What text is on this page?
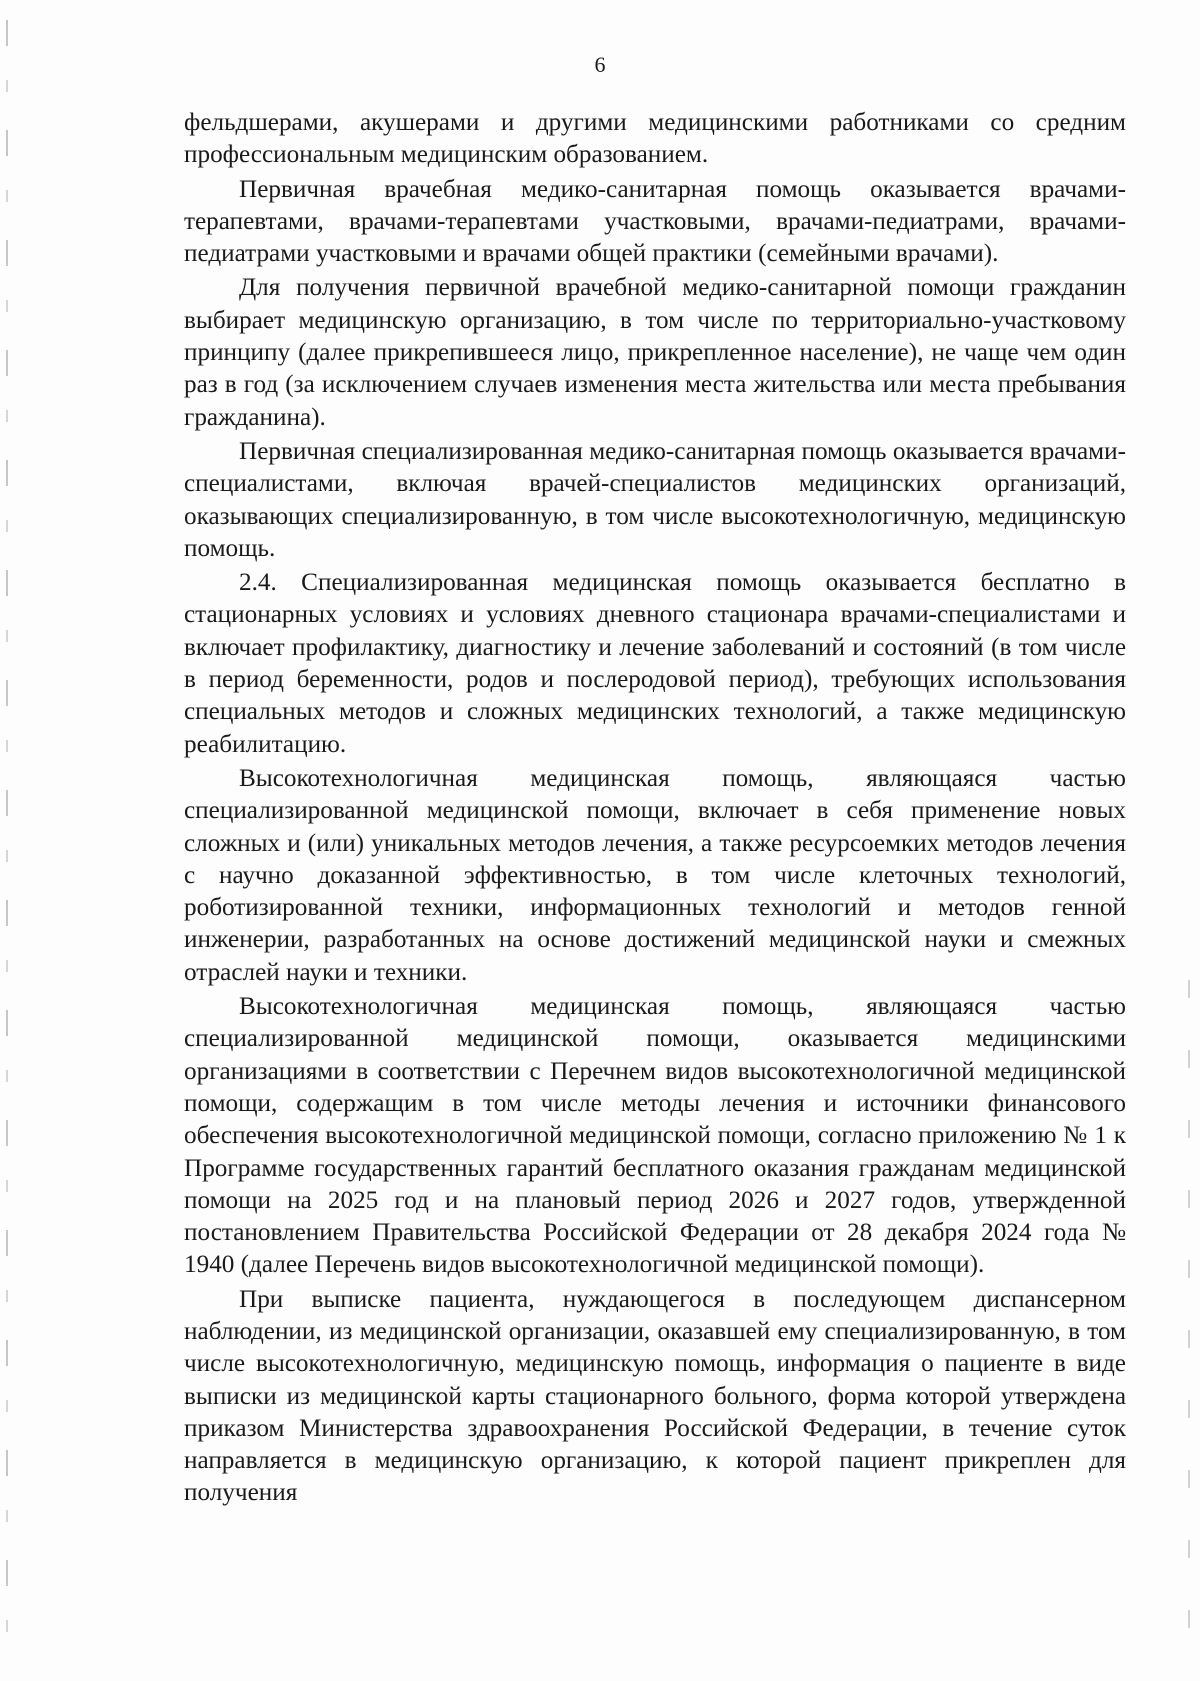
6

фельдшерами, акушерами и другими медицинскими работниками со средним профессиональным медицинским образованием.

Первичная врачебная медико-санитарная помощь оказывается врачами-терапевтами, врачами-терапевтами участковыми, врачами-педиатрами, врачами-педиатрами участковыми и врачами общей практики (семейными врачами).

Для получения первичной врачебной медико-санитарной помощи гражданин выбирает медицинскую организацию, в том числе по территориально-участковому принципу (далее прикрепившееся лицо, прикрепленное население), не чаще чем один раз в год (за исключением случаев изменения места жительства или места пребывания гражданина).

Первичная специализированная медико-санитарная помощь оказывается врачами-специалистами, включая врачей-специалистов медицинских организаций, оказывающих специализированную, в том числе высокотехнологичную, медицинскую помощь.

2.4. Специализированная медицинская помощь оказывается бесплатно в стационарных условиях и условиях дневного стационара врачами-специалистами и включает профилактику, диагностику и лечение заболеваний и состояний (в том числе в период беременности, родов и послеродовой период), требующих использования специальных методов и сложных медицинских технологий, а также медицинскую реабилитацию.

Высокотехнологичная медицинская помощь, являющаяся частью специализированной медицинской помощи, включает в себя применение новых сложных и (или) уникальных методов лечения, а также ресурсоемких методов лечения с научно доказанной эффективностью, в том числе клеточных технологий, роботизированной техники, информационных технологий и методов генной инженерии, разработанных на основе достижений медицинской науки и смежных отраслей науки и техники.

Высокотехнологичная медицинская помощь, являющаяся частью специализированной медицинской помощи, оказывается медицинскими организациями в соответствии с Перечнем видов высокотехнологичной медицинской помощи, содержащим в том числе методы лечения и источники финансового обеспечения высокотехнологичной медицинской помощи, согласно приложению № 1 к Программе государственных гарантий бесплатного оказания гражданам медицинской помощи на 2025 год и на плановый период 2026 и 2027 годов, утвержденной постановлением Правительства Российской Федерации от 28 декабря 2024 года № 1940 (далее Перечень видов высокотехнологичной медицинской помощи).

При выписке пациента, нуждающегося в последующем диспансерном наблюдении, из медицинской организации, оказавшей ему специализированную, в том числе высокотехнологичную, медицинскую помощь, информация о пациенте в виде выписки из медицинской карты стационарного больного, форма которой утверждена приказом Министерства здравоохранения Российской Федерации, в течение суток направляется в медицинскую организацию, к которой пациент прикреплен для получения
